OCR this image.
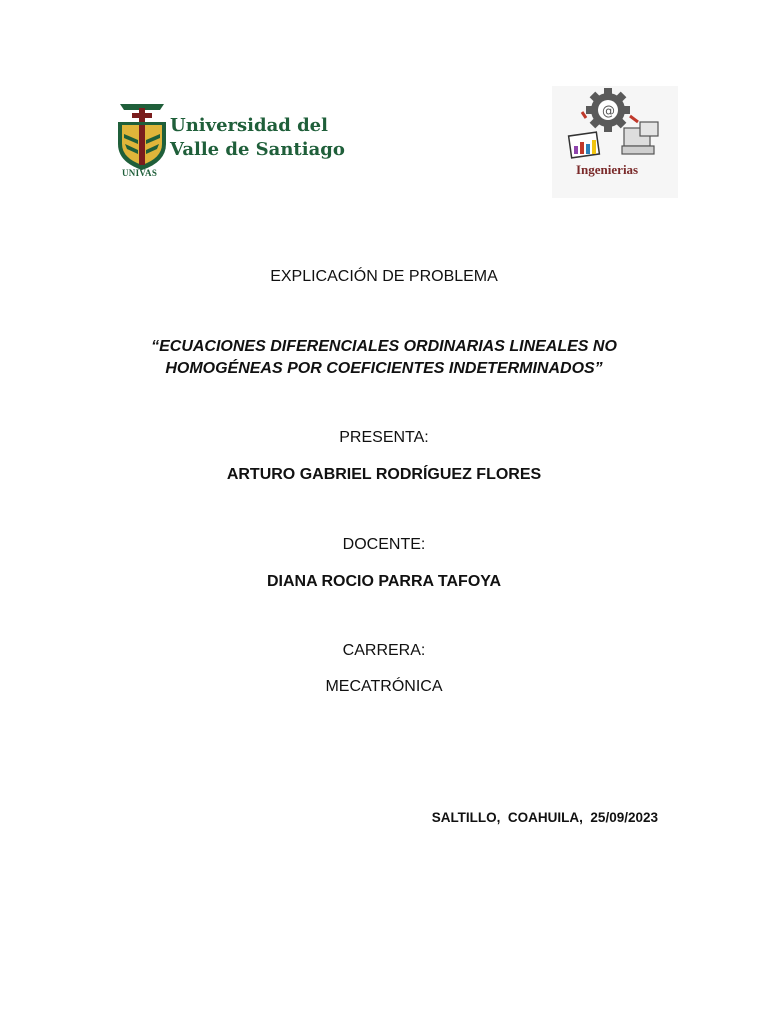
Universidad del
Valle de Santiago
UNIVAS
@
Ingenierias
EXPLICACIÓN DE PROBLEMA
“ECUACIONES DIFERENCIALES ORDINARIAS LINEALES NO
HOMOGÉNEAS POR COEFICIENTES INDETERMINADOS”
PRESENTA:
ARTURO GABRIEL RODRÍGUEZ FLORES
DOCENTE:
DIANA ROCIO PARRA TAFOYA
CARRERA:
MECATRÓNICA
SALTILLO,  COAHUILA,  25/09/2023
